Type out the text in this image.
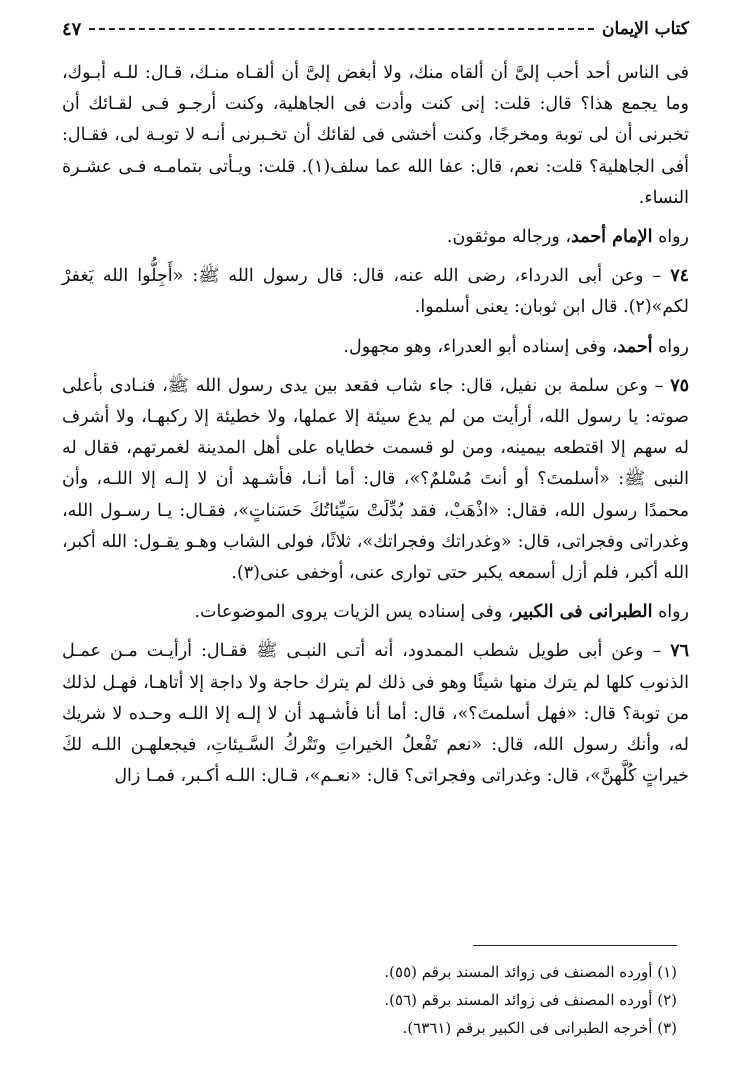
كتاب الإيمان
٤٧

فى الناس أحد أحب إلىَّ أن ألقاه منك، ولا أبغض إلىَّ أن ألقـاه منـك، قـال: للـه أبـوك، وما يجمع هذا؟ قال: قلت: إنى كنت وأدت فى الجاهلية، وكنت أرجـو فـى لقـائك أن تخبرنى أن لى توبة ومخرجًا، وكنت أخشى فى لقائك أن تخـبرنى أنـه لا توبـة لى، فقـال: أفى الجاهلية؟ قلت: نعم، قال: عفا الله عما سلف(١). قلت: ويـأتى بتمامـه فـى عشـرة النساء.

رواه الإمام أحمد، ورجاله موثقون.

٧٤ – وعن أبى الدرداء، رضى الله عنه، قال: قال رسول الله ﷺ: «أَجِلُّوا الله يَغفرْ لكم»(٢). قال ابن ثوبان: يعنى أسلموا.

رواه أحمد، وفى إسناده أبو العدراء، وهو مجهول.

٧٥ – وعن سلمة بن نفيل، قال: جاء شاب فقعد بين يدى رسول الله ﷺ، فنـادى بأعلى صوته: يا رسول الله، أرأيت من لم يدع سيئة إلا عملها، ولا خطيئة إلا ركبهـا، ولا أشرف له سهم إلا اقتطعه بيمينه، ومن لو قسمت خطاياه على أهل المدينة لغمرتهم، فقال له النبى ﷺ: «أسلمتَ؟ أو أنتَ مُسْلمٌ؟»، قال: أما أنـا، فأشـهد أن لا إلـه إلا اللـه، وأن محمدًا رسول الله، فقال: «اذْهَبْ، فقد بُدِّلَتْ سَيِّئاتُكَ حَسَناتٍ»، فقـال: يـا رسـول الله، وغدراتى وفجراتى، قال: «وغدراتك وفجراتك»، ثلاثًا، فولى الشاب وهـو يقـول: الله أكبر، الله أكبر، فلم أزل أسمعه يكبر حتى توارى عنى، أوخفى عنى(٣).

رواه الطبرانى فى الكبير، وفى إسناده يس الزيات يروى الموضوعات.

٧٦ – وعن أبى طويل شطب الممدود، أنه أتـى النبـى ﷺ فقـال: أرأيـت مـن عمـل الذنوب كلها لم يترك منها شيئًا وهو فى ذلك لم يترك حاجة ولا داجة إلا أتاهـا، فهـل لذلك من توبة؟ قال: «فهل أسلمتَ؟»، قال: أما أنا فأشـهد أن لا إلـه إلا اللـه وحـده لا شريك له، وأنك رسول الله، قال: «نعم تَفْعلُ الخيراتِ وتَتْركُ السَّـيئاتِ، فيجعلهـن اللـه لكَ خيراتٍ كُلَّهنَّ»، قال: وغدراتى وفجراتى؟ قال: «نعـم»، قـال: اللـه أكـبر، فمـا زال

(١) أورده المصنف فى زوائد المسند برقم (٥٥).
(٢) أورده المصنف فى زوائد المسند برقم (٥٦).
(٣) أخرجه الطبرانى فى الكبير برقم (٦٣٦١).
